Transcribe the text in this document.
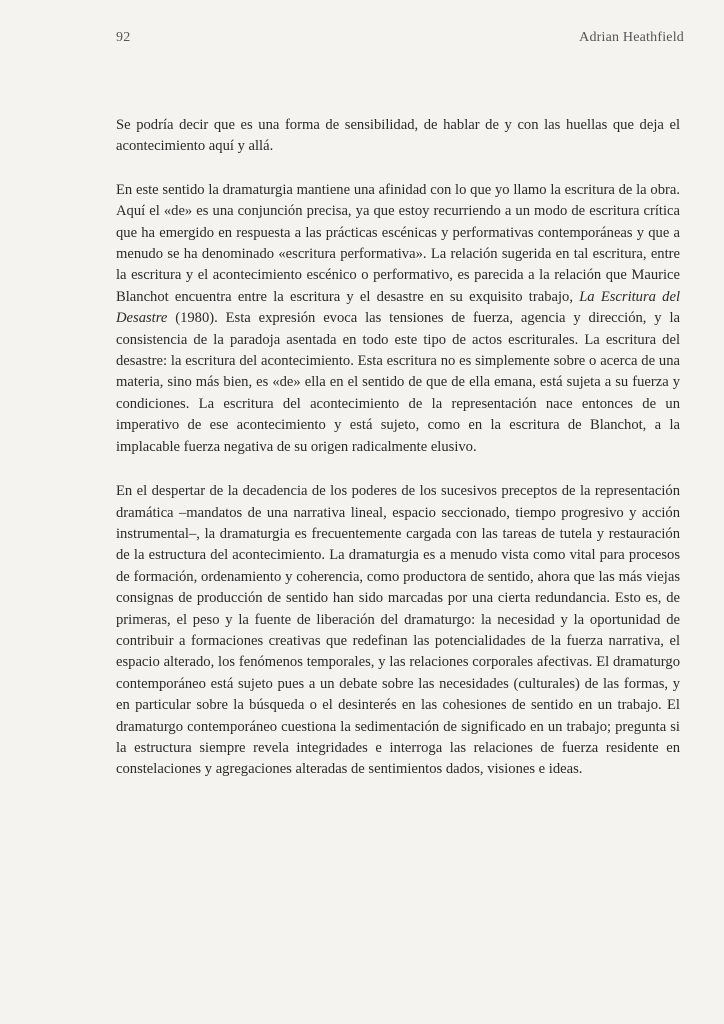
92	Adrian Heathfield

Se podría decir que es una forma de sensibilidad, de hablar de y con las huellas que deja el acontecimiento aquí y allá.

En este sentido la dramaturgia mantiene una afinidad con lo que yo llamo la escritura de la obra. Aquí el «de» es una conjunción precisa, ya que estoy recurriendo a un modo de escritura crítica que ha emergido en respuesta a las prácticas escénicas y performativas contemporáneas y que a menudo se ha denominado «escritura performativa». La relación sugerida en tal escritura, entre la escritura y el acontecimiento escénico o performativo, es parecida a la relación que Maurice Blanchot encuentra entre la escritura y el desastre en su exquisito trabajo, La Escritura del Desastre (1980). Esta expresión evoca las tensiones de fuerza, agencia y dirección, y la consistencia de la paradoja asentada en todo este tipo de actos escriturales. La escritura del desastre: la escritura del acontecimiento. Esta escritura no es simplemente sobre o acerca de una materia, sino más bien, es «de» ella en el sentido de que de ella emana, está sujeta a su fuerza y condiciones. La escritura del acontecimiento de la representación nace entonces de un imperativo de ese acontecimiento y está sujeto, como en la escritura de Blanchot, a la implacable fuerza negativa de su origen radicalmente elusivo.

En el despertar de la decadencia de los poderes de los sucesivos preceptos de la representación dramática –mandatos de una narrativa lineal, espacio seccionado, tiempo progresivo y acción instrumental–, la dramaturgia es frecuentemente cargada con las tareas de tutela y restauración de la estructura del acontecimiento. La dramaturgia es a menudo vista como vital para procesos de formación, ordenamiento y coherencia, como productora de sentido, ahora que las más viejas consignas de producción de sentido han sido marcadas por una cierta redundancia. Esto es, de primeras, el peso y la fuente de liberación del dramaturgo: la necesidad y la oportunidad de contribuir a formaciones creativas que redefinan las potencialidades de la fuerza narrativa, el espacio alterado, los fenómenos temporales, y las relaciones corporales afectivas. El dramaturgo contemporáneo está sujeto pues a un debate sobre las necesidades (culturales) de las formas, y en particular sobre la búsqueda o el desinterés en las cohesiones de sentido en un trabajo. El dramaturgo contemporáneo cuestiona la sedimentación de significado en un trabajo; pregunta si la estructura siempre revela integridades e interroga las relaciones de fuerza residente en constelaciones y agregaciones alteradas de sentimientos dados, visiones e ideas.
